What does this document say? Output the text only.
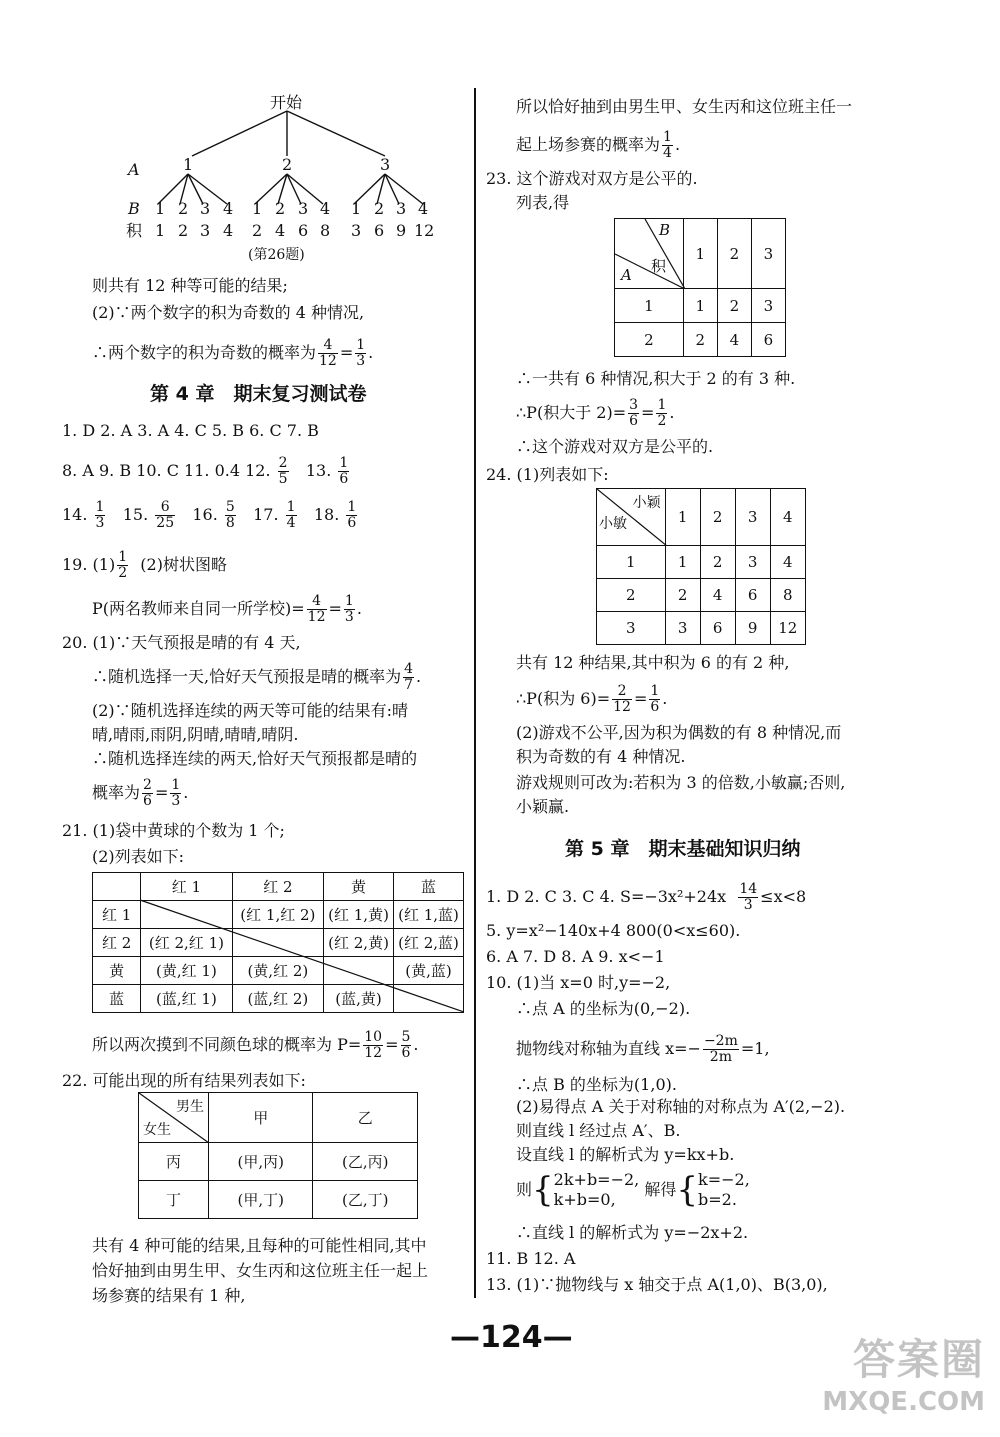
开始
A
B
积
1	2	3
1
1
2
2
3
3
4
4
1
2
2
4
3
6
4
8
1
3
2
6
3
9
4
12
(第26题)
则共有 12 种等可能的结果;
(2)∵两个数字的积为奇数的 4 种情况,
∴两个数字的积为奇数的概率为 $\frac{4}{12} = \frac{1}{3}$ .
第 4 章　期末复习测试卷
1. D 2. A 3. A 4. C 5. B 6. C 7. B
8. A 9. B 10. C 11. 0.4 12. $\frac{2}{5} 13$. $\frac{1}{6}$
14. $\frac{1}{3} 15$. $\frac{6}{25} 16$. $\frac{5}{8} 17$. $\frac{1}{4} 18$. $\frac{1}{6}$
19. $(1) \frac{1}{2} (2)$树状图略
P(两名教师来自同一所学校)= $\frac{4}{12} = \frac{1}{3}$ .
20. (1)∵天气预报是晴的有 4 天,
∴随机选择一天,恰好天气预报是晴的概率为 $\frac{4}{7}$ .
(2)∵随机选择连续的两天等可能的结果有:晴
晴,晴雨,雨阴,阴晴,晴晴,晴阴.
∴随机选择连续的两天,恰好天气预报都是晴的
概率为 $\frac{2}{6} = \frac{1}{3}$ .
21. (1)袋中黄球的个数为 1 个;
(2)列表如下:
	红 1	红 2	黄	蓝
红 1		(红 1,红 2)	(红 1,黄)	(红 1,蓝)
红 2	(红 2,红 1)		(红 2,黄)	(红 2,蓝)
黄	(黄,红 1)	(黄,红 2)		(黄,蓝)
蓝	(蓝,红 1)	(蓝,红 2)	(蓝,黄)	
所以两次摸到不同颜色球的概率为 $P= \frac{10}{12} = \frac{5}{6}$ .
22. 可能出现的所有结果列表如下:
男生
女生	甲	乙
丙	(甲,丙)	(乙,丙)
丁	(甲,丁)	(乙,丁)
共有 4 种可能的结果,且每种的可能性相同,其中
恰好抽到由男生甲、女生丙和这位班主任一起上
场参赛的结果有 1 种,
所以恰好抽到由男生甲、女生丙和这位班主任一
起上场参赛的概率为 $\frac{1}{4}$ .
23. 这个游戏对双方是公平的.
列表,得
B
积
A	1	2	3
1	1	2	3
2	2	4	6
∴一共有 6 种情况,积大于 2 的有 3 种.
∴P(积大于 $2)= \frac{3}{6} = \frac{1}{2}$ .
∴这个游戏对双方是公平的.
24. (1)列表如下:
小颖
小敏	1	2	3	4
1	1	2	3	4
2	2	4	6	8
3	3	6	9	12
共有 12 种结果,其中积为 6 的有 2 种,
∴P(积为 $6)= \frac{2}{12} = \frac{1}{6}$ .
(2)游戏不公平,因为积为偶数的有 8 种情况,而
积为奇数的有 4 种情况.
游戏规则可改为:若积为 3 的倍数,小敏赢;否则,
小颖赢.
第 5 章　期末基础知识归纳
1. D 2. C 3. C 4. $S=-3x^2+24x \frac{14}{3} \le x<8$
5. y=x²−140x+4 800(0<x≤60).
6. A 7. D 8. A 9. x<−1
10. (1)当 x=0 时,y=−2,
∴点 A 的坐标为(0,−2).
抛物线对称轴为直线 $x=- \frac{-2m}{2m} =1$,
∴点 B 的坐标为(1,0).
(2)易得点 A 关于对称轴的对称点为 A′(2,−2).
则直线 l 经过点 A′、B.
设直线 l 的解析式为 y=kx+b.
则{ 2k+b=−2,
k+b=0,
解得{ k=−2,
b=2.
∴直线 l 的解析式为 y=−2x+2.
11. B 12. A
13. (1)∵抛物线与 x 轴交于点 A(1,0)、B(3,0),
—124—	答案圈
MXQE.COM
